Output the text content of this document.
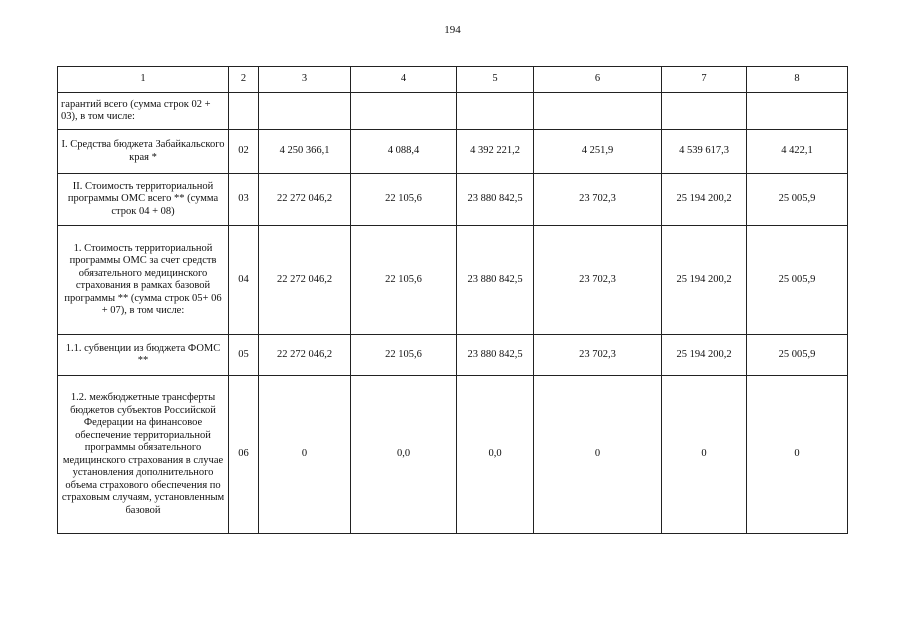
194
1	2	3	4	5	6	7	8
гарантий всего (сумма строк 02 + 03), в том числе:							
I. Средства бюджета Забайкальского края *	02	4 250 366,1	4 088,4	4 392 221,2	4 251,9	4 539 617,3	4 422,1
II. Стоимость территориальной программы ОМС всего ** (сумма строк 04 + 08)	03	22 272 046,2	22 105,6	23 880 842,5	23 702,3	25 194 200,2	25 005,9
1. Стоимость территориальной программы ОМС за счет средств обязательного медицинского страхования в рамках базовой программы ** (сумма строк 05+ 06 + 07), в том числе:	04	22 272 046,2	22 105,6	23 880 842,5	23 702,3	25 194 200,2	25 005,9
1.1. субвенции из бюджета ФОМС **	05	22 272 046,2	22 105,6	23 880 842,5	23 702,3	25 194 200,2	25 005,9
1.2. межбюджетные трансферты бюджетов субъектов Российской Федерации на финансовое обеспечение территориальной программы обязательного медицинского страхования в случае установления дополнительного объема страхового обеспечения по страховым случаям, установленным базовой	06	0	0,0	0,0	0	0	0
